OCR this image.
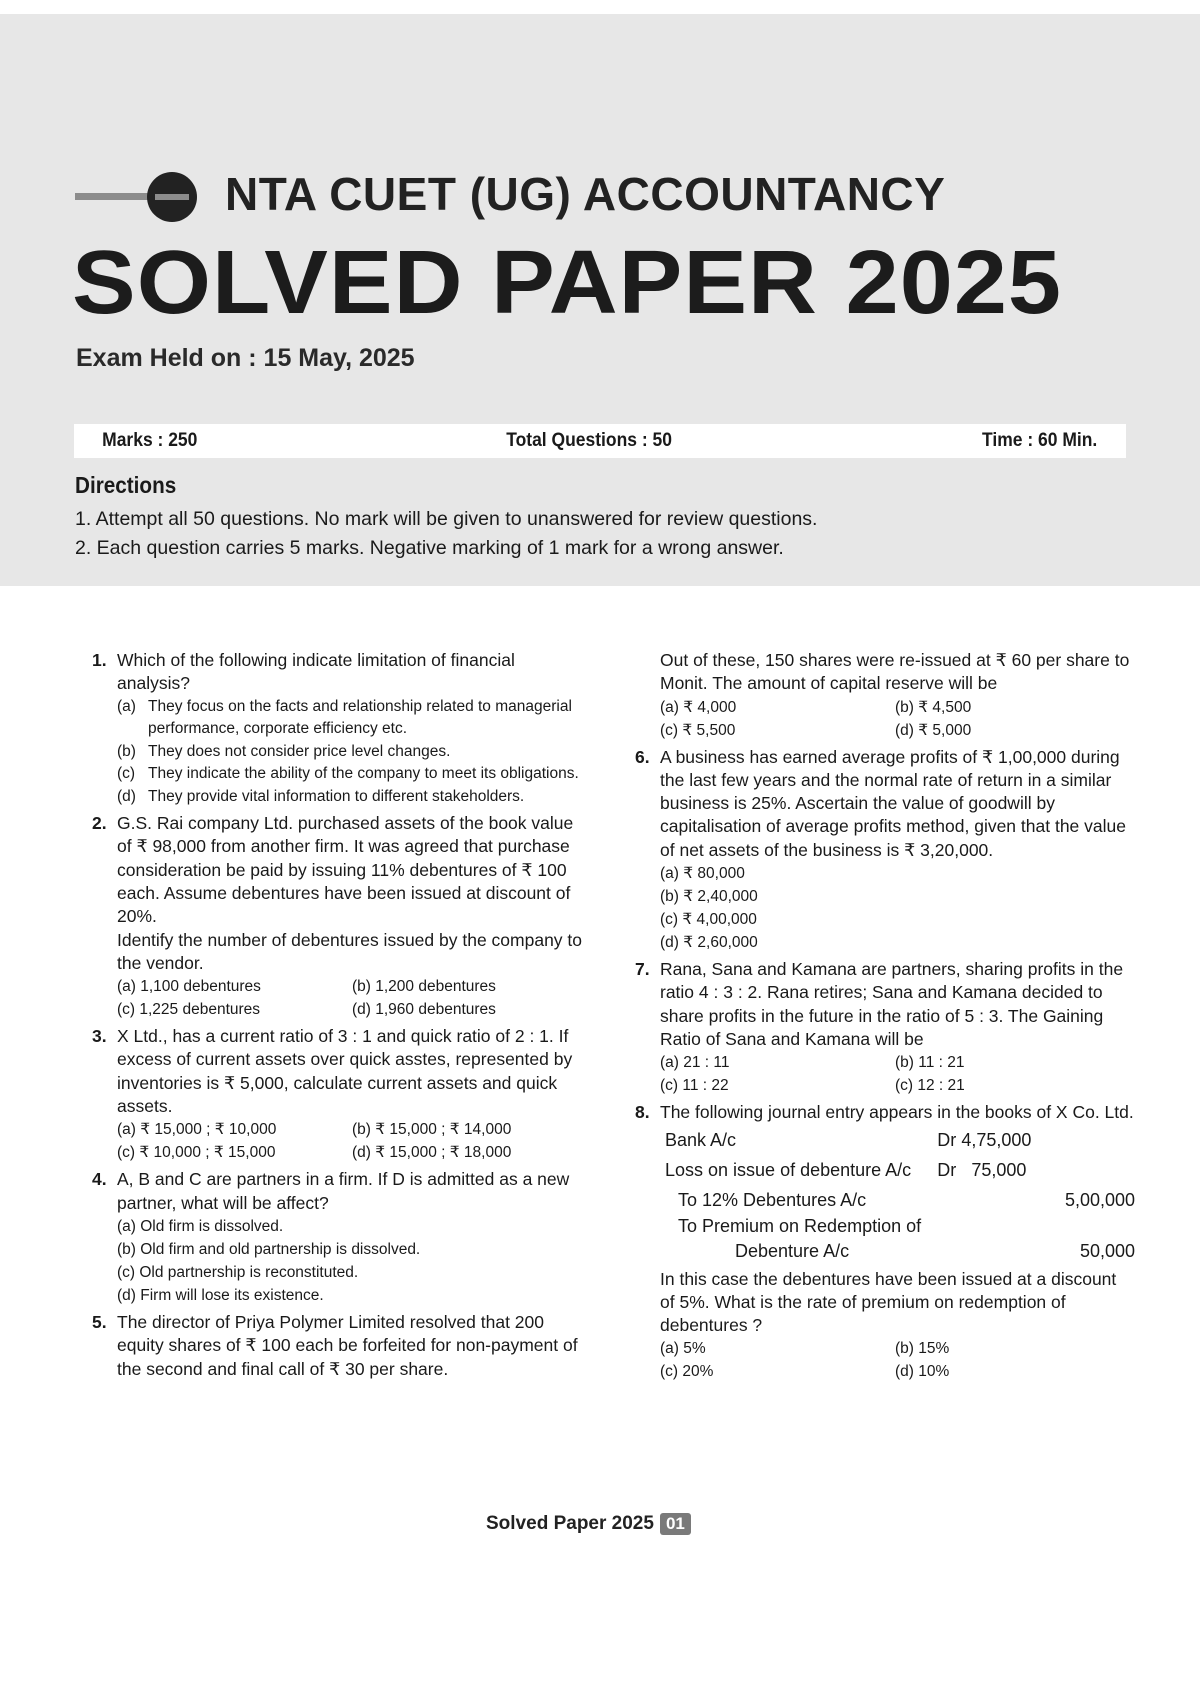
NTA CUET (UG) ACCOUNTANCY
SOLVED PAPER 2025
Exam Held on : 15 May, 2025
Marks : 250	Total Questions : 50	Time : 60 Min.
Directions
1. Attempt all 50 questions. No mark will be given to unanswered for review questions.
2. Each question carries 5 marks. Negative marking of 1 mark for a wrong answer.
1. Which of the following indicate limitation of financial analysis?
(a) They focus on the facts and relationship related to managerial performance, corporate efficiency etc.
(b) They does not consider price level changes.
(c) They indicate the ability of the company to meet its obligations.
(d) They provide vital information to different stakeholders.
2. G.S. Rai company Ltd. purchased assets of the book value of ₹ 98,000 from another firm. It was agreed that purchase consideration be paid by issuing 11% debentures of ₹ 100 each. Assume debentures have been issued at discount of 20%.
Identify the number of debentures issued by the company to the vendor.
(a) 1,100 debentures	(b) 1,200 debentures
(c) 1,225 debentures	(d) 1,960 debentures
3. X Ltd., has a current ratio of 3 : 1 and quick ratio of 2 : 1. If excess of current assets over quick asstes, represented by inventories is ₹ 5,000, calculate current assets and quick assets.
(a) ₹ 15,000 ; ₹ 10,000	(b) ₹ 15,000 ; ₹ 14,000
(c) ₹ 10,000 ; ₹ 15,000	(d) ₹ 15,000 ; ₹ 18,000
4. A, B and C are partners in a firm. If D is admitted as a new partner, what will be affect?
(a) Old firm is dissolved.
(b) Old firm and old partnership is dissolved.
(c) Old partnership is reconstituted.
(d) Firm will lose its existence.
5. The director of Priya Polymer Limited resolved that 200 equity shares of ₹ 100 each be forfeited for non-payment of the second and final call of ₹ 30 per share.
Out of these, 150 shares were re-issued at ₹ 60 per share to Monit. The amount of capital reserve will be
(a) ₹ 4,000	(b) ₹ 4,500
(c) ₹ 5,500	(d) ₹ 5,000
6. A business has earned average profits of ₹ 1,00,000 during the last few years and the normal rate of return in a similar business is 25%. Ascertain the value of goodwill by capitalisation of average profits method, given that the value of net assets of the business is ₹ 3,20,000.
(a) ₹ 80,000
(b) ₹ 2,40,000
(c) ₹ 4,00,000
(d) ₹ 2,60,000
7. Rana, Sana and Kamana are partners, sharing profits in the ratio 4 : 3 : 2. Rana retires; Sana and Kamana decided to share profits in the future in the ratio of 5 : 3. The Gaining Ratio of Sana and Kamana will be
(a) 21 : 11	(b) 11 : 21
(c) 11 : 22	(c) 12 : 21
8. The following journal entry appears in the books of X Co. Ltd.
Bank A/c	Dr 4,75,000
Loss on issue of debenture A/c	Dr 75,000
To 12% Debentures A/c	5,00,000
To Premium on Redemption of
Debenture A/c	50,000
In this case the debentures have been issued at a discount of 5%. What is the rate of premium on redemption of debentures ?
(a) 5%	(b) 15%
(c) 20%	(d) 10%
Solved Paper 2025 01
